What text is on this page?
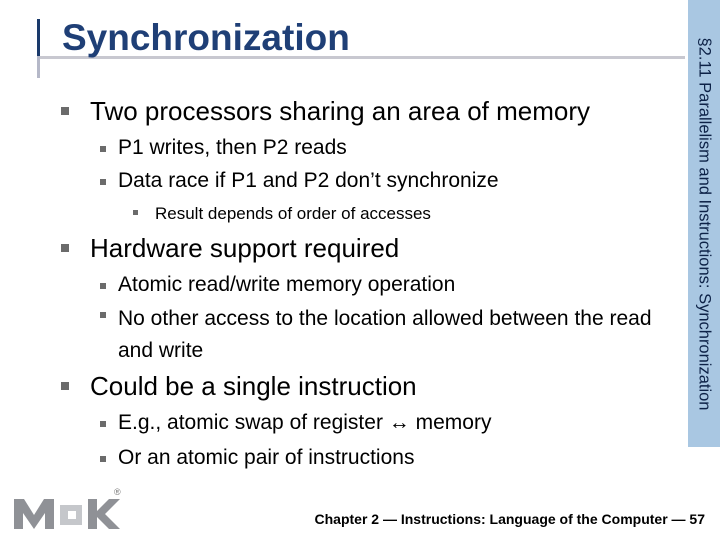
Synchronization
§2.11 Parallelism and Instructions: Synchronization
Two processors sharing an area of memory
P1 writes, then P2 reads
Data race if P1 and P2 don’t synchronize
Result depends of order of accesses
Hardware support required
Atomic read/write memory operation
No other access to the location allowed between the read and write
Could be a single instruction
E.g., atomic swap of register ↔ memory
Or an atomic pair of instructions
®
Chapter 2 — Instructions: Language of the Computer — 57
